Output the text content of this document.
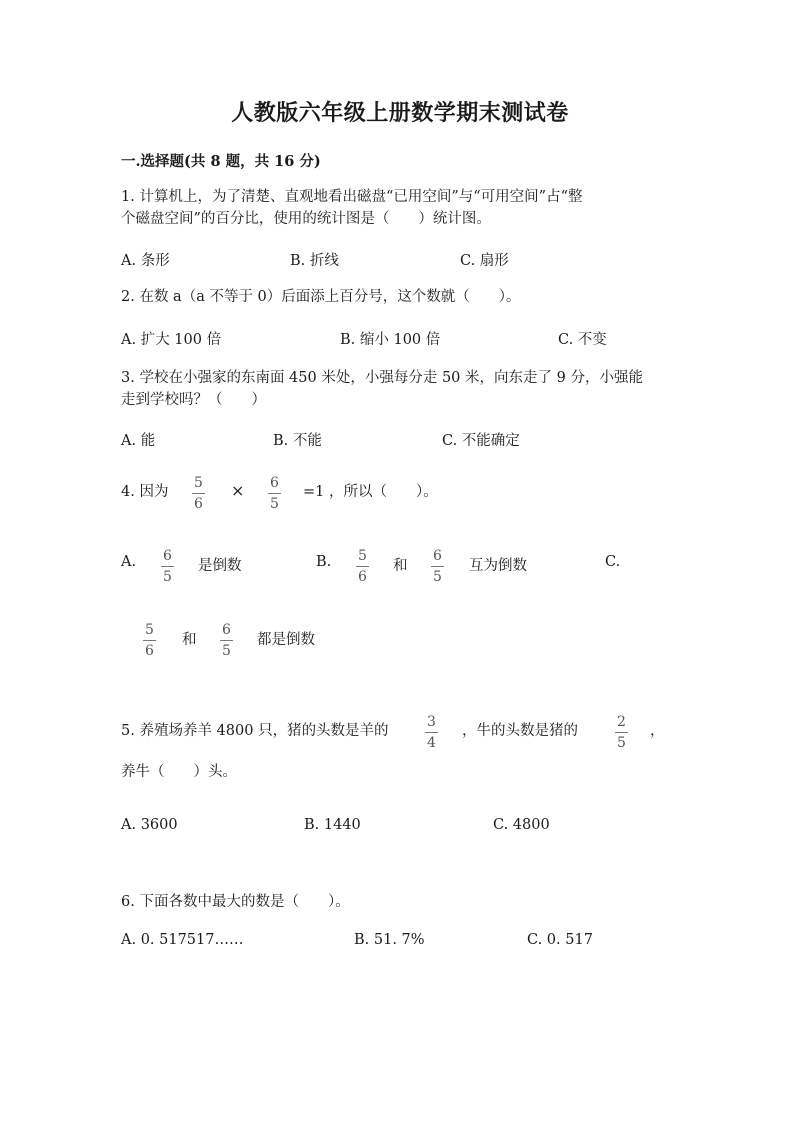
人教版六年级上册数学期末测试卷
一.选择题(共 8 题，共 16 分)
1. 计算机上，为了清楚、直观地看出磁盘“已用空间”与“可用空间”占“整
个磁盘空间”的百分比，使用的统计图是（　　）统计图。
A. 条形	B. 折线	C. 扇形
2. 在数 a（a 不等于 0）后面添上百分号，这个数就（　　）。
A. 扩大 100 倍	B. 缩小 100 倍	C. 不变
3. 学校在小强家的东南面 450 米处，小强每分走 50 米，向东走了 9 分，小强能
走到学校吗？（　　）
A. 能	B. 不能	C. 不能确定
4. 因为 $\frac{5}{6} \times \frac{6}{5} =1$ ，所以（　　）。
A. $\frac{6}{5}$ 是倒数	B. $\frac{5}{6}$ 和 $\frac{6}{5}$ 互为倒数	C.
$\frac{5}{6}$ 和 $\frac{6}{5}$ 都是倒数
5. 养殖场养羊 4800 只，猪的头数是羊的	$\frac{3}{4}$ ，牛的头数是猪的	$\frac{2}{5}$ ，
养牛（　　）头。
A. 3600	B. 1440	C. 4800
6. 下面各数中最大的数是（　　）。
A. 0. 517517……	B. 51. 7%	C. 0. 517
